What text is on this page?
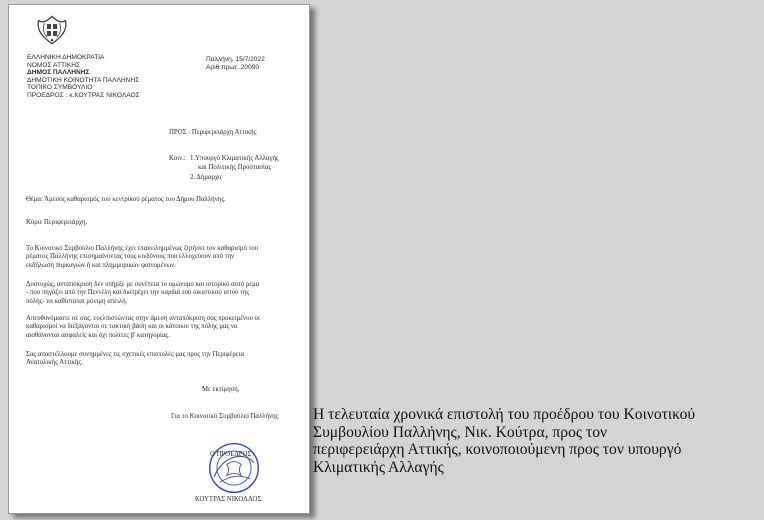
ΕΛΛΗΝΙΚΗ ΔΗΜΟΚΡΑΤΙΑ
ΝΟΜΟΣ ΑΤΤΙΚΗΣ
ΔΗΜΟΣ ΠΑΛΛΗΝΗΣ
ΔΗΜΟΤΙΚΗ ΚΟΙΝΟΤΗΤΑ ΠΑΛΛΗΝΗΣ
ΤΟΠΙΚΟ ΣΥΜΒΟΥΛΙΟ
ΠΡΟΕΔΡΟΣ : κ.ΚΟΥΤΡΑΣ ΝΙΚΟΛΑΟΣ
Παλλήνη, 15/7/2022
Αριθ.πρωτ. 20090
ΠΡΟΣ : Περιφερειάρχη Αττικής
Κοιν.: 1.Υπουργό Κλιματικής Αλλαγής
και Πολιτικής Προστασίας
2. Δήμαρχο
Θέμα: Άμεσος καθαρισμός του κεντρικού ρέματος του Δήμου Παλλήνης.
Κύριε Περιφερειάρχη,
Το Κοινοτικό Συμβούλιο Παλλήνης έχει επανειλημμένως ζητήσει τον καθαρισμό του
ρέματος Παλλήνης επισημαίνοντας τους κινδύνους που ελλοχεύουν από την
εκδήλωση πυρκαγιών ή και πλημμυρικών φαινομένων.
Δυστυχώς, ανταπόκριση δεν υπήρξε με συνέπεια το ομώνυμο και ιστορικό αυτό ρέμα
- που πηγάζει από την Πεντέλη και διατρέχει την καρδιά του οικιστικού ιστού της
πόλης- να καθίσταται μόνιμη απειλή.
Απευθυνόμαστε σε σας, ευελπιστώντας στην άμεση ανταπόκριση σας προκειμένου οι
καθαρισμοί να διεξάγονται σε τακτική βάση και οι κάτοικοι της πόλης μας να
αισθάνονται ασφαλείς και όχι πολίτες β' κατηγορίας.
Σας αποστέλλουμε συνημμένες τις σχετικές επιστολές μας προς την Περιφέρεια
Ανατολικής Αττικής.
Με εκτίμηση,
Για το Κοινοτικό Συμβούλιο Παλλήνης
Ο ΠΡΟΕΔΡΟΣ
ΚΟΥΤΡΑΣ ΝΙΚΟΛΑΟΣ
Η τελευταία χρονικά επιστολή του προέδρου του Κοινοτικού
Συμβουλίου Παλλήνης, Νικ. Κούτρα, προς τον
περιφερειάρχη Αττικής, κοινοποιούμενη προς τον υπουργό
Κλιματικής Αλλαγής
